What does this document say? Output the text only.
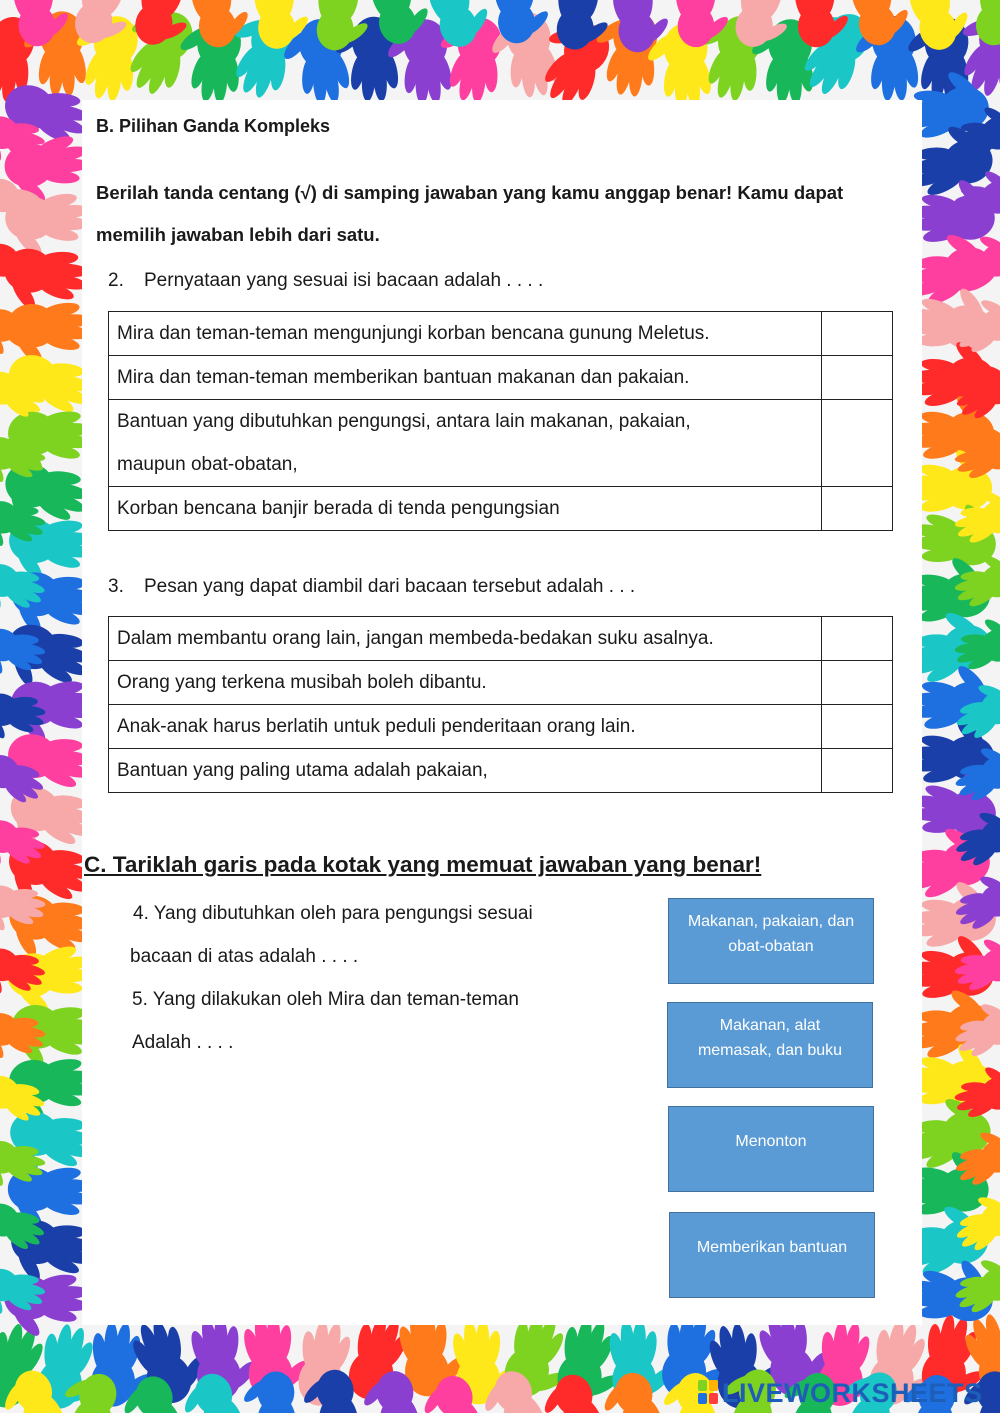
B. Pilihan Ganda Kompleks
Berilah tanda centang (√) di samping jawaban yang kamu anggap benar! Kamu dapat
memilih jawaban lebih dari satu.
2. Pernyataan yang sesuai isi bacaan adalah . . . .
Mira dan teman-teman mengunjungi korban bencana gunung Meletus.	
Mira dan teman-teman memberikan bantuan makanan dan pakaian.	

Bantuan yang dibutuhkan pengungsi, antara lain makanan, pakaian,
maupun obat-obatan,	

Korban bencana banjir berada di tenda pengungsian	
3. Pesan yang dapat diambil dari bacaan tersebut adalah . . .
Dalam membantu orang lain, jangan membeda-bedakan suku asalnya.	
Orang yang terkena musibah boleh dibantu.	
Anak-anak harus berlatih untuk peduli penderitaan orang lain.	
Bantuan yang paling utama adalah pakaian,	
C. Tariklah garis pada kotak yang memuat jawaban yang benar!
4. Yang dibutuhkan oleh para pengungsi sesuai
bacaan di atas adalah . . . .
5. Yang dilakukan oleh Mira dan teman-teman
Adalah . . . .
Makanan, pakaian, dan obat-obatan
Makanan, alat memasak, dan buku
Menonton
Memberikan bantuan
LIVEWORKSHEETS
